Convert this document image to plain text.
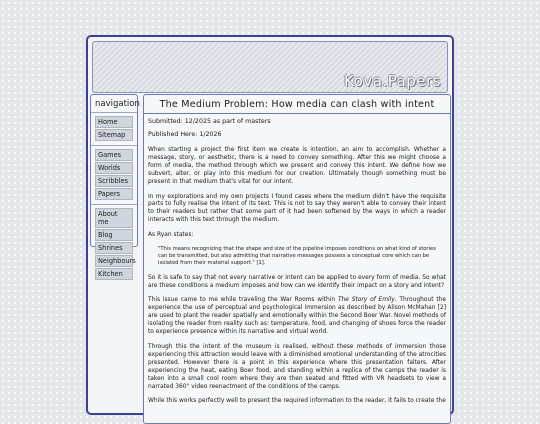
Kova.Papers
navigation
Home
Sitemap
Games
Worlds
Scribbles
Papers
About me
Blog
Shrines
Neighbours
Kitchen
The Medium Problem: How media can clash with intent
Submitted: 12/2025 as part of masters
Published Here: 1/2026

When starting a project the first item we create is intention, an aim to accomplish. Whether a message, story, or aesthetic, there is a need to convey something. After this we might choose a form of media, the method through which we present and convey this intent. We define how we subvert, alter, or play into this medium for our creation. Ultimately though something must be present in that medium that's vital for our intent.

In my explorations and my own projects I found cases where the medium didn't have the requisite parts to fully realise the intent of its text. This is not to say they weren't able to convey their intent to their readers but rather that some part of it had been softened by the ways in which a reader interacts with this text through the medium.

As Ryan states:

"This means recognizing that the shape and size of the pipeline imposes conditions on what kind of stories can be transmitted, but also admitting that narrative messages possess a conceptual core which can be isolated from their material support." [1].

So it is safe to say that not every narrative or intent can be applied to every form of media. So what are these conditions a medium imposes and how can we identify their impact on a story and intent?

This issue came to me while traveling the War Rooms within The Story of Emily. Throughout the experience the use of perceptual and psychological immersion as described by Alison McMahan [2] are used to plant the reader spatially and emotionally within the Second Boer War. Novel methods of isolating the reader from reality such as: temperature, food, and changing of shoes force the reader to experience presence within its narrative and virtual world.

Through this the intent of the museum is realised, without these methods of immersion those experiencing this attraction would leave with a diminished emotional understanding of the atrocities presented. However there is a point in this experience where this presentation falters. After experiencing the heat, eating Boer food, and standing within a replica of the camps the reader is taken into a small cool room where they are then seated and fitted with VR headsets to view a narrated 360° video reenactment of the conditions of the camps.

While this works perfectly well to present the required information to the reader, it fails to create the
